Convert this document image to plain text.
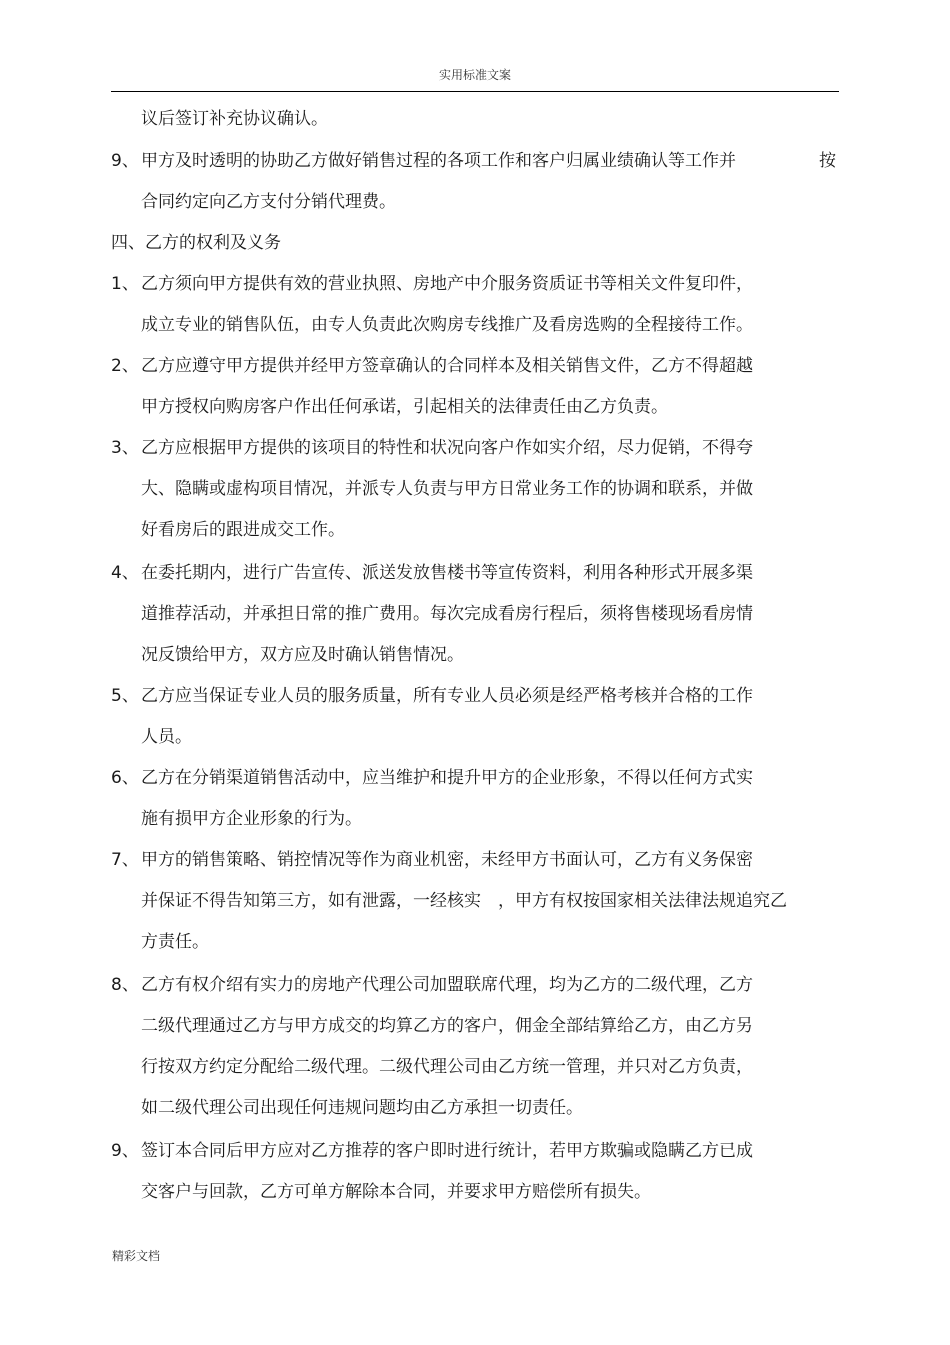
实用标准文案
议后签订补充协议确认。
9、 甲方及时透明的协助乙方做好销售过程的各项工作和客户归属业绩确认等工作并	按
合同约定向乙方支付分销代理费。
四、乙方的权利及义务
1、 乙方须向甲方提供有效的营业执照、房地产中介服务资质证书等相关文件复印件，
成立专业的销售队伍，由专人负责此次购房专线推广及看房选购的全程接待工作。
2、 乙方应遵守甲方提供并经甲方签章确认的合同样本及相关销售文件，乙方不得超越
甲方授权向购房客户作出任何承诺，引起相关的法律责任由乙方负责。
3、 乙方应根据甲方提供的该项目的特性和状况向客户作如实介绍，尽力促销，不得夸
大、隐瞒或虚构项目情况，并派专人负责与甲方日常业务工作的协调和联系，并做
好看房后的跟进成交工作。
4、 在委托期内，进行广告宣传、派送发放售楼书等宣传资料，利用各种形式开展多渠
道推荐活动，并承担日常的推广费用。每次完成看房行程后，须将售楼现场看房情
况反馈给甲方，双方应及时确认销售情况。
5、 乙方应当保证专业人员的服务质量，所有专业人员必须是经严格考核并合格的工作
人员。
6、 乙方在分销渠道销售活动中，应当维护和提升甲方的企业形象，不得以任何方式实
施有损甲方企业形象的行为。
7、 甲方的销售策略、销控情况等作为商业机密，未经甲方书面认可，乙方有义务保密
并保证不得告知第三方，如有泄露，一经核实　，甲方有权按国家相关法律法规追究乙
方责任。
8、 乙方有权介绍有实力的房地产代理公司加盟联席代理，均为乙方的二级代理，乙方
二级代理通过乙方与甲方成交的均算乙方的客户，佣金全部结算给乙方，由乙方另
行按双方约定分配给二级代理。二级代理公司由乙方统一管理，并只对乙方负责，
如二级代理公司出现任何违规问题均由乙方承担一切责任。
9、 签订本合同后甲方应对乙方推荐的客户即时进行统计，若甲方欺骗或隐瞒乙方已成
交客户与回款，乙方可单方解除本合同，并要求甲方赔偿所有损失。
精彩文档
